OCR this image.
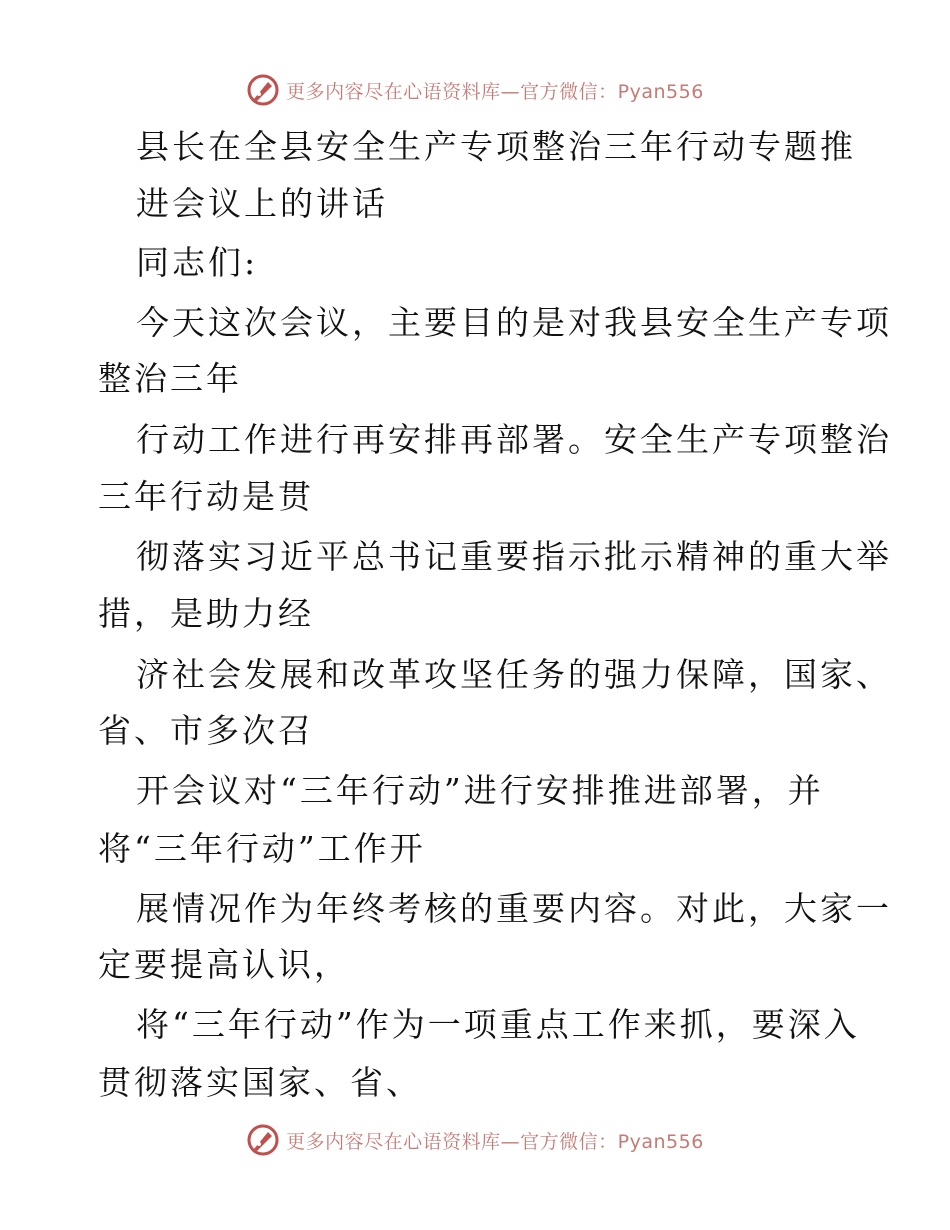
更多内容尽在心语资料库—官方微信：Pyan556
县长在全县安全生产专项整治三年行动专题推
进会议上的讲话
同志们:
今天这次会议，主要目的是对我县安全生产专项
整治三年
行动工作进行再安排再部署。安全生产专项整治
三年行动是贯
彻落实习近平总书记重要指示批示精神的重大举
措，是助力经
济社会发展和改革攻坚任务的强力保障，国家、
省、市多次召
开会议对“三年行动”进行安排推进部署，并
将“三年行动”工作开
展情况作为年终考核的重要内容。对此，大家一
定要提高认识，
将“三年行动”作为一项重点工作来抓，要深入
贯彻落实国家、省、
更多内容尽在心语资料库—官方微信：Pyan556
